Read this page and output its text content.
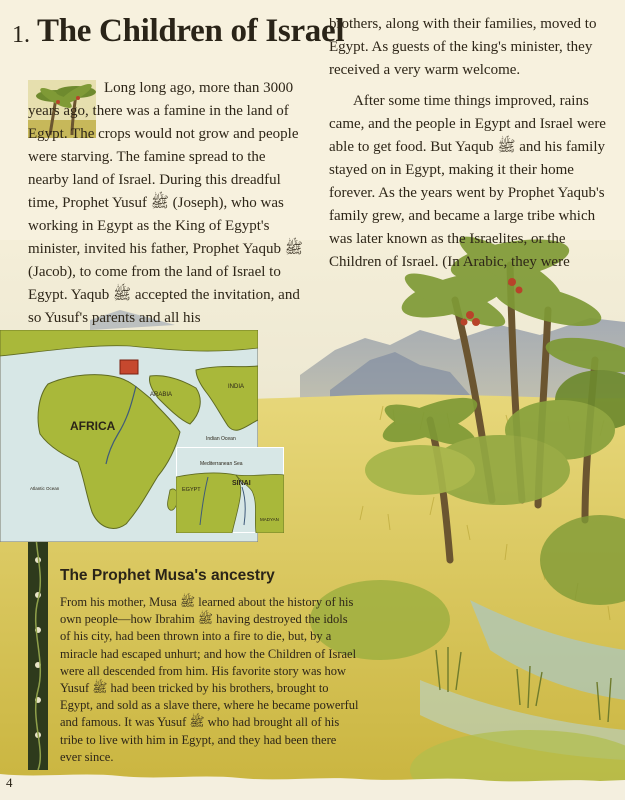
1. The Children of Israel

Long long ago, more than 3000 years ago, there was a famine in the land of Egypt. The crops would not grow and people were starving. The famine spread to the nearby land of Israel. During this dreadful time, Prophet Yusuf ﷺ (Joseph), who was working in Egypt as the King of Egypt's minister, invited his father, Prophet Yaqub ﷺ (Jacob), to come from the land of Israel to Egypt. Yaqub ﷺ accepted the invitation, and so Yusuf's parents and all his

brothers, along with their families, moved to Egypt. As guests of the king's minister, they received a very warm welcome.

After some time things improved, rains came, and the people in Egypt and Israel were able to get food. But Yaqub ﷺ and his family stayed on in Egypt, making it their home forever. As the years went by Prophet Yaqub's family grew, and became a large tribe which was later known as the Israelites, or the Children of Israel. (In Arabic, they were

AFRICA
ARABIA
INDIA
Indian Ocean
Atlantic Ocean
Mediterranean Sea
EGYPT
SINAI
MADYAN
The Prophet Musa's ancestry

From his mother, Musa ﷺ learned about the history of his own people—how Ibrahim ﷺ having destroyed the idols of his city, had been thrown into a fire to die, but, by a miracle had escaped unhurt; and how the Children of Israel were all descended from him. His favorite story was how Yusuf ﷺ had been tricked by his brothers, brought to Egypt, and sold as a slave there, where he became powerful and famous. It was Yusuf ﷺ who had brought all of his tribe to live with him in Egypt, and they had been there ever since.

4
